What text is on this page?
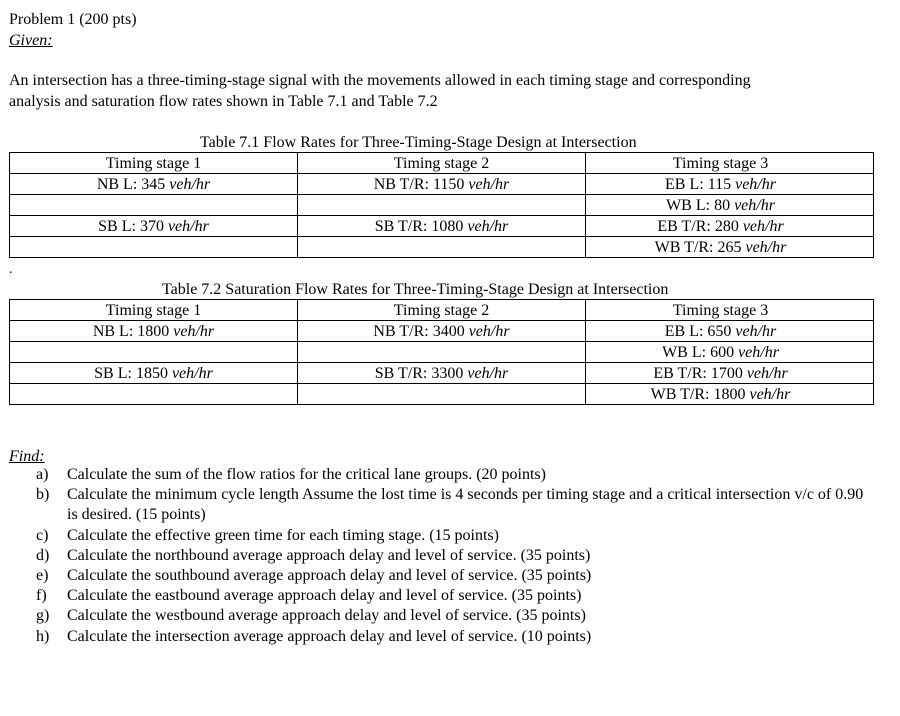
Problem 1 (200 pts)
Given:
An intersection has a three-timing-stage signal with the movements allowed in each timing stage and corresponding
analysis and saturation flow rates shown in Table 7.1 and Table 7.2
Table 7.1 Flow Rates for Three-Timing-Stage Design at Intersection
Timing stage 1	Timing stage 2	Timing stage 3
NB L: 345 veh/hr	NB T/R: 1150 veh/hr	EB L: 115 veh/hr
		WB L: 80 veh/hr
SB L: 370 veh/hr	SB T/R: 1080 veh/hr	EB T/R: 280 veh/hr
		WB T/R: 265 veh/hr
.
Table 7.2 Saturation Flow Rates for Three-Timing-Stage Design at Intersection
Timing stage 1	Timing stage 2	Timing stage 3
NB L: 1800 veh/hr	NB T/R: 3400 veh/hr	EB L: 650 veh/hr
		WB L: 600 veh/hr
SB L: 1850 veh/hr	SB T/R: 3300 veh/hr	EB T/R: 1700 veh/hr
		WB T/R: 1800 veh/hr
Find:
a) Calculate the sum of the flow ratios for the critical lane groups. (20 points)
b) Calculate the minimum cycle length Assume the lost time is 4 seconds per timing stage and a critical intersection v/c of 0.90 is desired. (15 points)
c) Calculate the effective green time for each timing stage. (15 points)
d) Calculate the northbound average approach delay and level of service. (35 points)
e) Calculate the southbound average approach delay and level of service. (35 points)
f) Calculate the eastbound average approach delay and level of service. (35 points)
g) Calculate the westbound average approach delay and level of service. (35 points)
h) Calculate the intersection average approach delay and level of service. (10 points)
